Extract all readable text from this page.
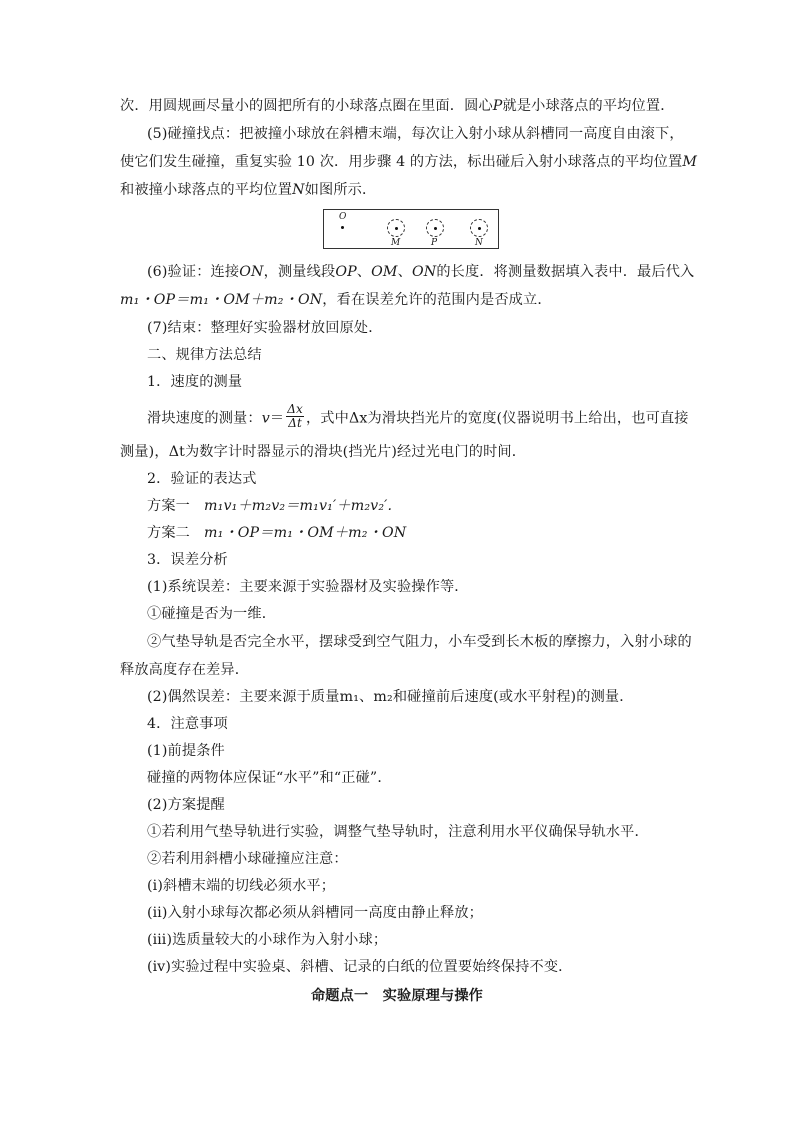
次．用圆规画尽量小的圆把所有的小球落点圈在里面．圆心P就是小球落点的平均位置．
(5)碰撞找点：把被撞小球放在斜槽末端，每次让入射小球从斜槽同一高度自由滚下，
使它们发生碰撞，重复实验 10 次．用步骤 4 的方法，标出碰后入射小球落点的平均位置M
和被撞小球落点的平均位置N如图所示．
O
M	P	N
(6)验证：连接ON，测量线段OP、OM、ON的长度．将测量数据填入表中．最后代入
m₁・OP＝m₁・OM＋m₂・ON，看在误差允许的范围内是否成立．
(7)结束：整理好实验器材放回原处．
二、规律方法总结
1．速度的测量
滑块速度的测量：$v= \frac{\Delta x}{\Delta t}$ ，式中Δx为滑块挡光片的宽度(仪器说明书上给出，也可直接
测量)，Δt为数字计时器显示的滑块(挡光片)经过光电门的时间．
2．验证的表达式
方案一 m₁v₁＋m₂v₂＝m₁v₁′＋m₂v₂′.
方案二 m₁・OP＝m₁・OM＋m₂・ON
3．误差分析
(1)系统误差：主要来源于实验器材及实验操作等．
①碰撞是否为一维．
②气垫导轨是否完全水平，摆球受到空气阻力，小车受到长木板的摩擦力，入射小球的
释放高度存在差异．
(2)偶然误差：主要来源于质量m₁、m₂和碰撞前后速度(或水平射程)的测量．
4．注意事项
(1)前提条件
碰撞的两物体应保证“水平”和“正碰”．
(2)方案提醒
①若利用气垫导轨进行实验，调整气垫导轨时，注意利用水平仪确保导轨水平．
②若利用斜槽小球碰撞应注意：
(ⅰ)斜槽末端的切线必须水平；
(ⅱ)入射小球每次都必须从斜槽同一高度由静止释放；
(ⅲ)选质量较大的小球作为入射小球；
(ⅳ)实验过程中实验桌、斜槽、记录的白纸的位置要始终保持不变．
命题点一　实验原理与操作
